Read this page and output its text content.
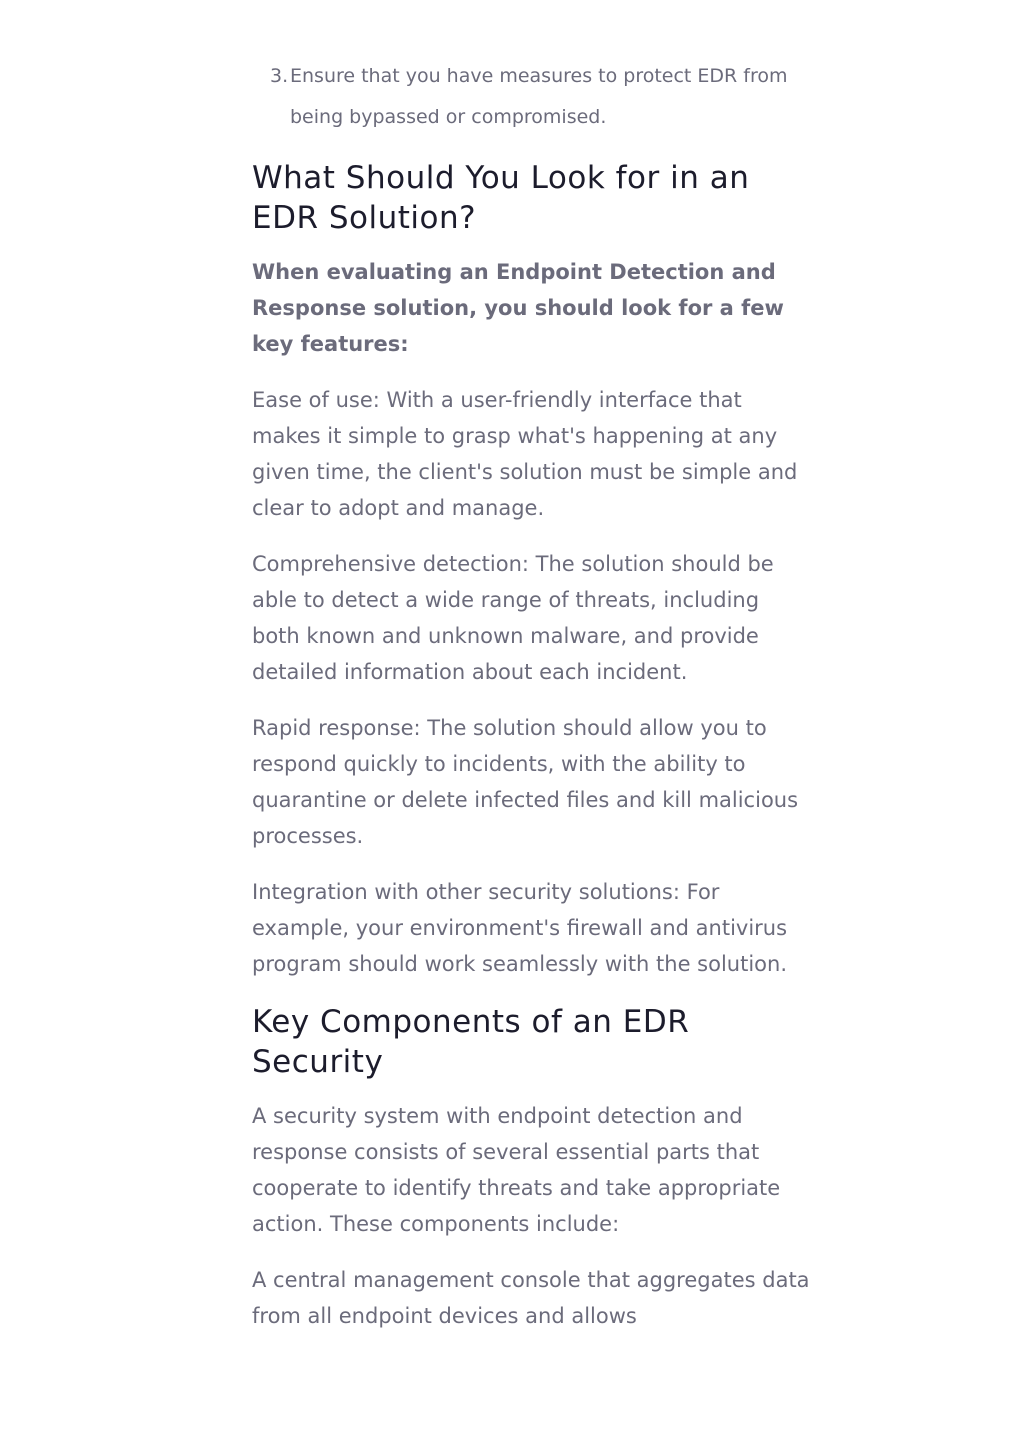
3. Ensure that you have measures to protect EDR from being bypassed or compromised.
What Should You Look for in an EDR Solution?

When evaluating an Endpoint Detection and Response solution, you should look for a few key features:

Ease of use: With a user-friendly interface that makes it simple to grasp what's happening at any given time, the client's solution must be simple and clear to adopt and manage.

Comprehensive detection: The solution should be able to detect a wide range of threats, including both known and unknown malware, and provide detailed information about each incident.

Rapid response: The solution should allow you to respond quickly to incidents, with the ability to quarantine or delete infected files and kill malicious processes.

Integration with other security solutions: For example, your environment's firewall and antivirus program should work seamlessly with the solution.

Key Components of an EDR Security

A security system with endpoint detection and response consists of several essential parts that cooperate to identify threats and take appropriate action. These components include:

A central management console that aggregates data from all endpoint devices and allows
